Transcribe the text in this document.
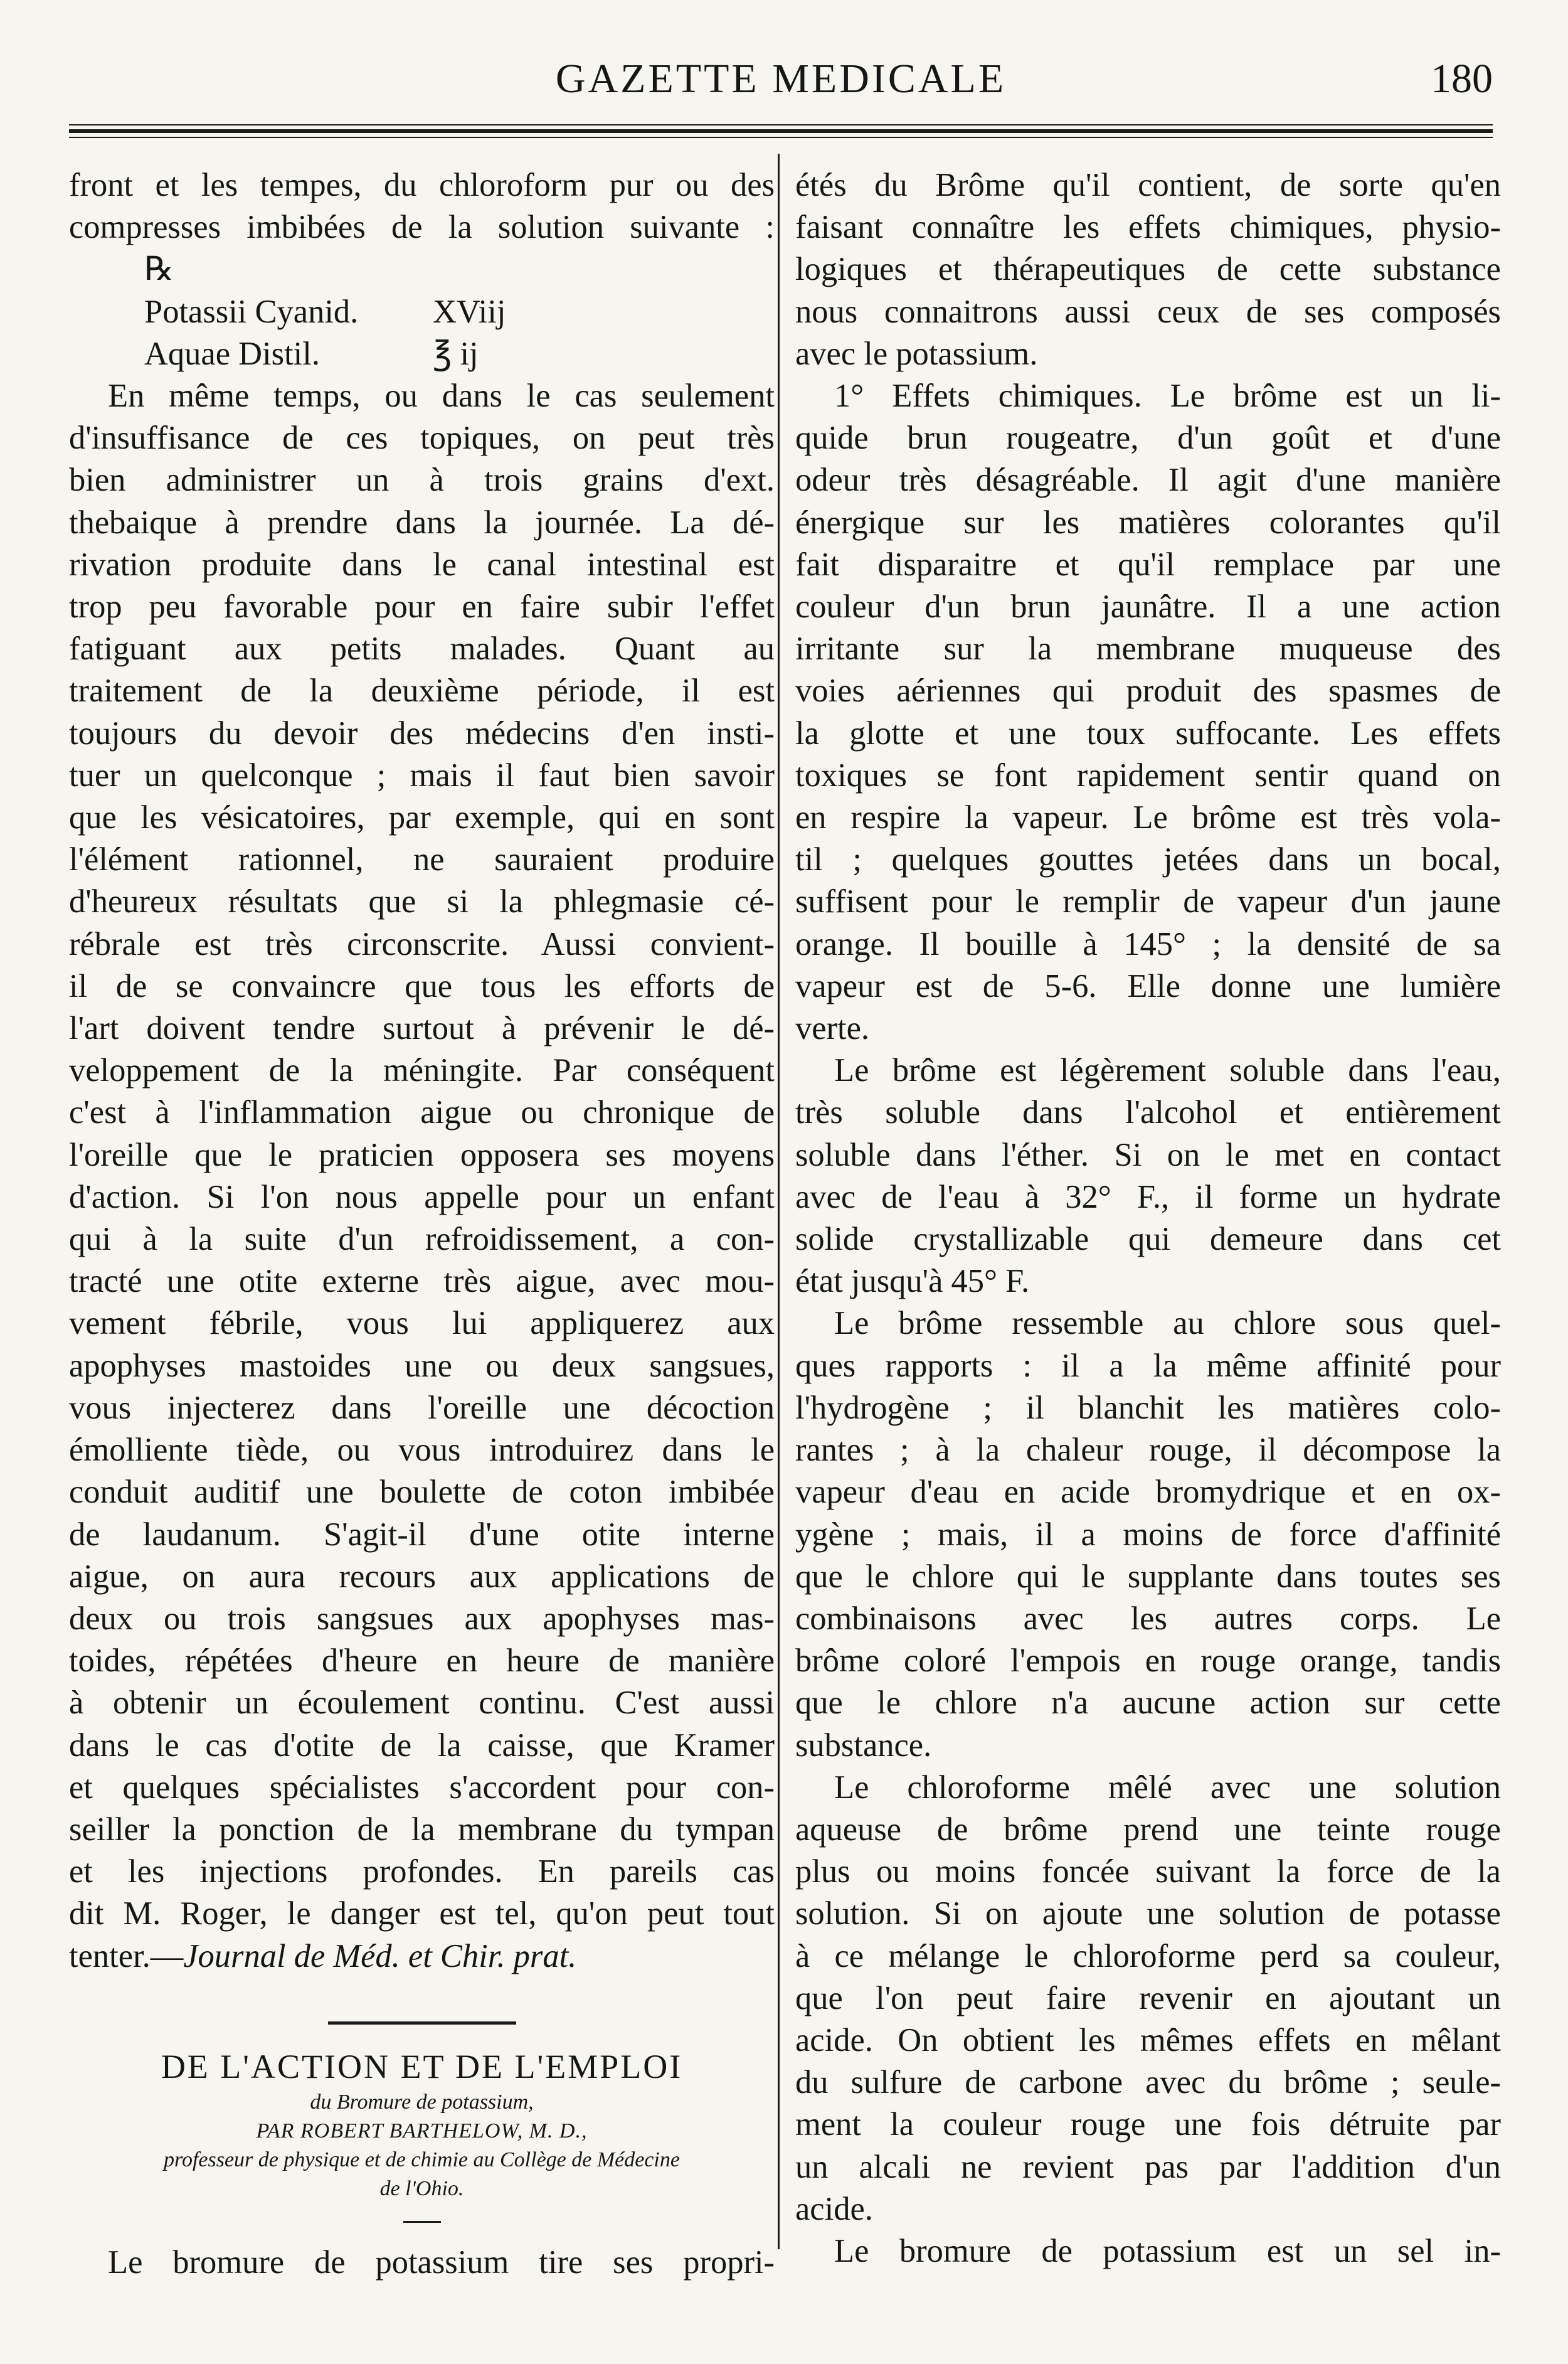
GAZETTE MEDICALE	180
front et les tempes, du chloroform pur ou des
compresses imbibées de la solution suivante :
℞
Potassii Cyanid. XViij
Aquae Distil.	℥ ij
En même temps, ou dans le cas seulement
d'insuffisance de ces topiques, on peut très
bien administrer un à trois grains d'ext.
thebaique à prendre dans la journée. La dé-
rivation produite dans le canal intestinal est
trop peu favorable pour en faire subir l'effet
fatiguant aux petits malades. Quant au
traitement de la deuxième période, il est
toujours du devoir des médecins d'en insti-
tuer un quelconque ; mais il faut bien savoir
que les vésicatoires, par exemple, qui en sont
l'élément rationnel, ne sauraient produire
d'heureux résultats que si la phlegmasie cé-
rébrale est très circonscrite. Aussi convient-
il de se convaincre que tous les efforts de
l'art doivent tendre surtout à prévenir le dé-
veloppement de la méningite. Par conséquent
c'est à l'inflammation aigue ou chronique de
l'oreille que le praticien opposera ses moyens
d'action. Si l'on nous appelle pour un enfant
qui à la suite d'un refroidissement, a con-
tracté une otite externe très aigue, avec mou-
vement fébrile, vous lui appliquerez aux
apophyses mastoides une ou deux sangsues,
vous injecterez dans l'oreille une décoction
émolliente tiède, ou vous introduirez dans le
conduit auditif une boulette de coton imbibée
de laudanum. S'agit-il d'une otite interne
aigue, on aura recours aux applications de
deux ou trois sangsues aux apophyses mas-
toides, répétées d'heure en heure de manière
à obtenir un écoulement continu. C'est aussi
dans le cas d'otite de la caisse, que Kramer
et quelques spécialistes s'accordent pour con-
seiller la ponction de la membrane du tympan
et les injections profondes. En pareils cas
dit M. Roger, le danger est tel, qu'on peut tout
tenter.—Journal de Méd. et Chir. prat.
DE L'ACTION ET DE L'EMPLOI
du Bromure de potassium,
PAR ROBERT BARTHELOW, M. D.,
professeur de physique et de chimie au Collège de Médecine
de l'Ohio.
Le bromure de potassium tire ses propri-
étés du Brôme qu'il contient, de sorte qu'en
faisant connaître les effets chimiques, physio-
logiques et thérapeutiques de cette substance
nous connaitrons aussi ceux de ses composés
avec le potassium.
1° Effets chimiques. Le brôme est un li-
quide brun rougeatre, d'un goût et d'une
odeur très désagréable. Il agit d'une manière
énergique sur les matières colorantes qu'il
fait disparaitre et qu'il remplace par une
couleur d'un brun jaunâtre. Il a une action
irritante sur la membrane muqueuse des
voies aériennes qui produit des spasmes de
la glotte et une toux suffocante. Les effets
toxiques se font rapidement sentir quand on
en respire la vapeur. Le brôme est très vola-
til ; quelques gouttes jetées dans un bocal,
suffisent pour le remplir de vapeur d'un jaune
orange. Il bouille à 145° ; la densité de sa
vapeur est de 5-6. Elle donne une lumière
verte.
Le brôme est légèrement soluble dans l'eau,
très soluble dans l'alcohol et entièrement
soluble dans l'éther. Si on le met en contact
avec de l'eau à 32° F., il forme un hydrate
solide crystallizable qui demeure dans cet
état jusqu'à 45° F.
Le brôme ressemble au chlore sous quel-
ques rapports : il a la même affinité pour
l'hydrogène ; il blanchit les matières colo-
rantes ; à la chaleur rouge, il décompose la
vapeur d'eau en acide bromydrique et en ox-
ygène ; mais, il a moins de force d'affinité
que le chlore qui le supplante dans toutes ses
combinaisons avec les autres corps. Le
brôme coloré l'empois en rouge orange, tandis
que le chlore n'a aucune action sur cette
substance.
Le chloroforme mêlé avec une solution
aqueuse de brôme prend une teinte rouge
plus ou moins foncée suivant la force de la
solution. Si on ajoute une solution de potasse
à ce mélange le chloroforme perd sa couleur,
que l'on peut faire revenir en ajoutant un
acide. On obtient les mêmes effets en mêlant
du sulfure de carbone avec du brôme ; seule-
ment la couleur rouge une fois détruite par
un alcali ne revient pas par l'addition d'un
acide.
Le bromure de potassium est un sel in-
